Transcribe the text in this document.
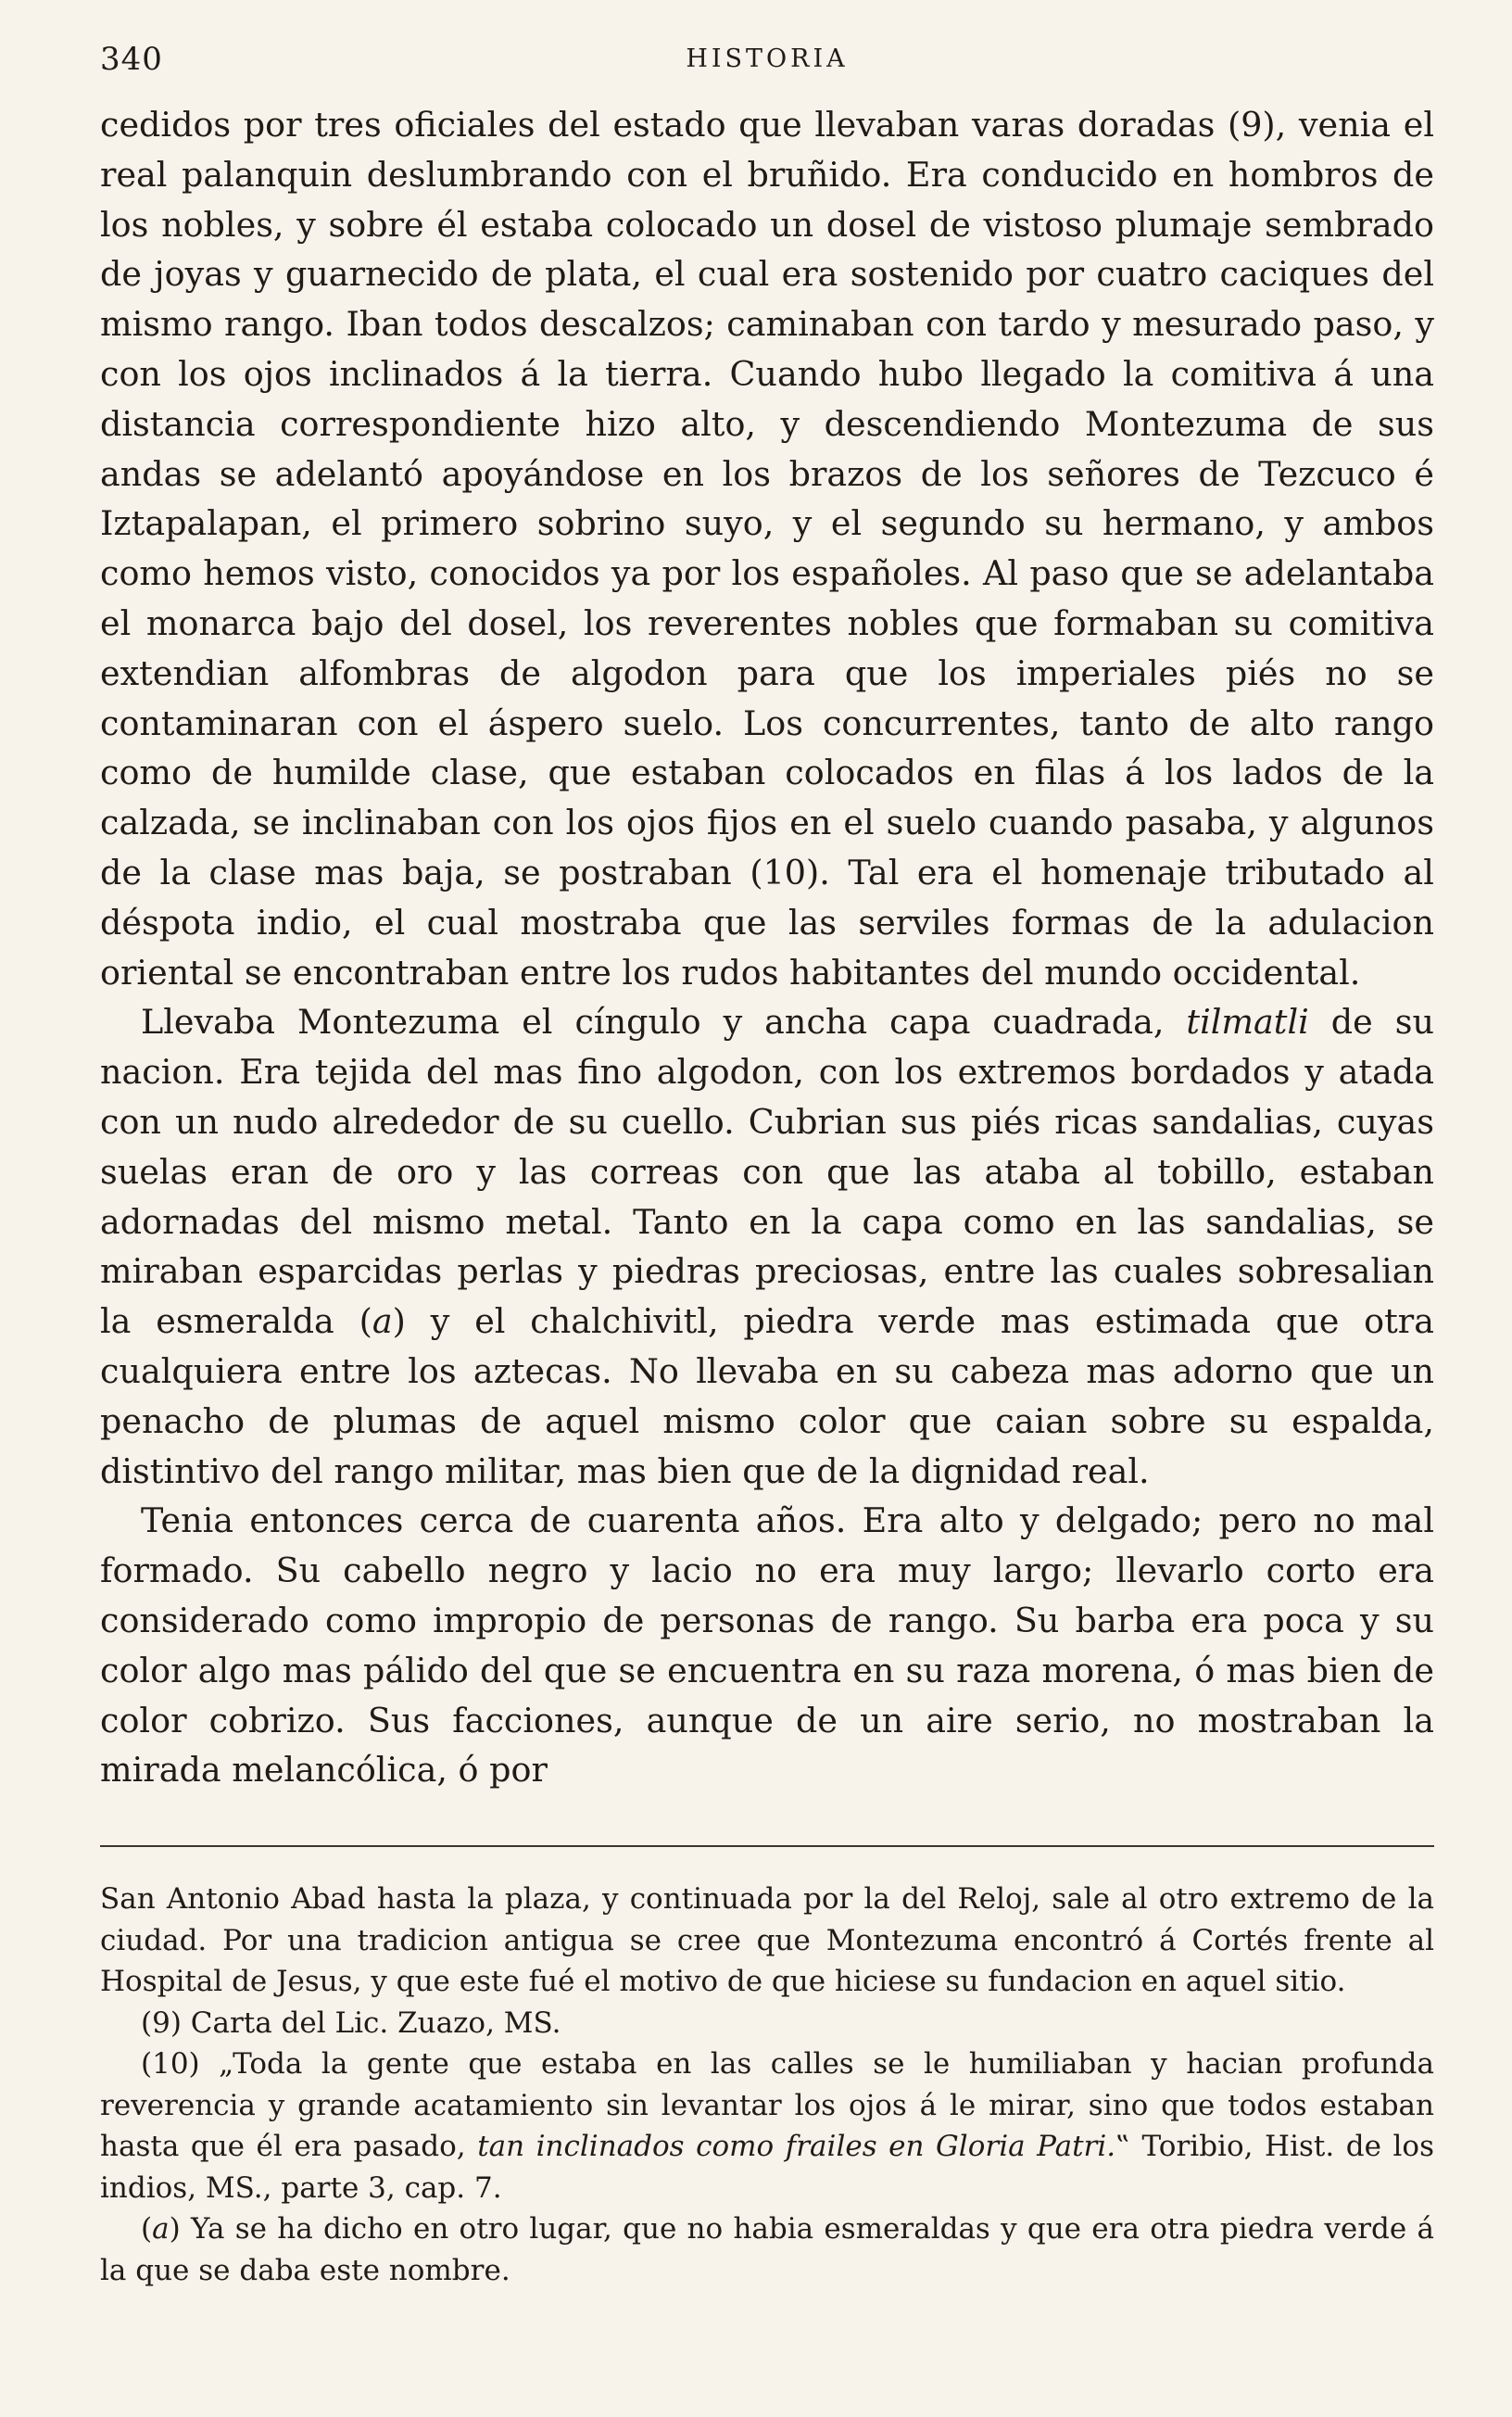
340	HISTORIA

cedidos por tres oficiales del estado que llevaban varas doradas (9), venia el real palanquin deslumbrando con el bruñido. Era conducido en hombros de los nobles, y sobre él estaba colocado un dosel de vistoso plumaje sembrado de joyas y guarnecido de plata, el cual era sostenido por cuatro caciques del mismo rango. Iban todos descalzos; caminaban con tardo y mesurado paso, y con los ojos inclinados á la tierra. Cuando hubo llegado la comitiva á una distancia correspondiente hizo alto, y descendiendo Montezuma de sus andas se adelantó apoyándose en los brazos de los señores de Tezcuco é Iztapalapan, el primero sobrino suyo, y el segundo su hermano, y ambos como hemos visto, conocidos ya por los españoles. Al paso que se adelantaba el monarca bajo del dosel, los reverentes nobles que formaban su comitiva extendian alfombras de algodon para que los imperiales piés no se contaminaran con el áspero suelo. Los concurrentes, tanto de alto rango como de humilde clase, que estaban colocados en filas á los lados de la calzada, se inclinaban con los ojos fijos en el suelo cuando pasaba, y algunos de la clase mas baja, se postraban (10). Tal era el homenaje tributado al déspota indio, el cual mostraba que las serviles formas de la adulacion oriental se encontraban entre los rudos habitantes del mundo occidental.

Llevaba Montezuma el cíngulo y ancha capa cuadrada, tilmatli de su nacion. Era tejida del mas fino algodon, con los extremos bordados y atada con un nudo alrededor de su cuello. Cubrian sus piés ricas sandalias, cuyas suelas eran de oro y las correas con que las ataba al tobillo, estaban adornadas del mismo metal. Tanto en la capa como en las sandalias, se miraban esparcidas perlas y piedras preciosas, entre las cuales sobresalian la esmeralda (a) y el chalchivitl, piedra verde mas estimada que otra cualquiera entre los aztecas. No llevaba en su cabeza mas adorno que un penacho de plumas de aquel mismo color que caian sobre su espalda, distintivo del rango militar, mas bien que de la dignidad real.

Tenia entonces cerca de cuarenta años. Era alto y delgado; pero no mal formado. Su cabello negro y lacio no era muy largo; llevarlo corto era considerado como impropio de personas de rango. Su barba era poca y su color algo mas pálido del que se encuentra en su raza morena, ó mas bien de color cobrizo. Sus facciones, aunque de un aire serio, no mostraban la mirada melancólica, ó por

San Antonio Abad hasta la plaza, y continuada por la del Reloj, sale al otro extremo de la ciudad. Por una tradicion antigua se cree que Montezuma encontró á Cortés frente al Hospital de Jesus, y que este fué el motivo de que hiciese su fundacion en aquel sitio.

(9) Carta del Lic. Zuazo, MS.

(10) „Toda la gente que estaba en las calles se le humiliaban y hacian profunda reverencia y grande acatamiento sin levantar los ojos á le mirar, sino que todos estaban hasta que él era pasado, tan inclinados como frailes en Gloria Patri.‟ Toribio, Hist. de los indios, MS., parte 3, cap. 7.

(a) Ya se ha dicho en otro lugar, que no habia esmeraldas y que era otra piedra verde á la que se daba este nombre.
